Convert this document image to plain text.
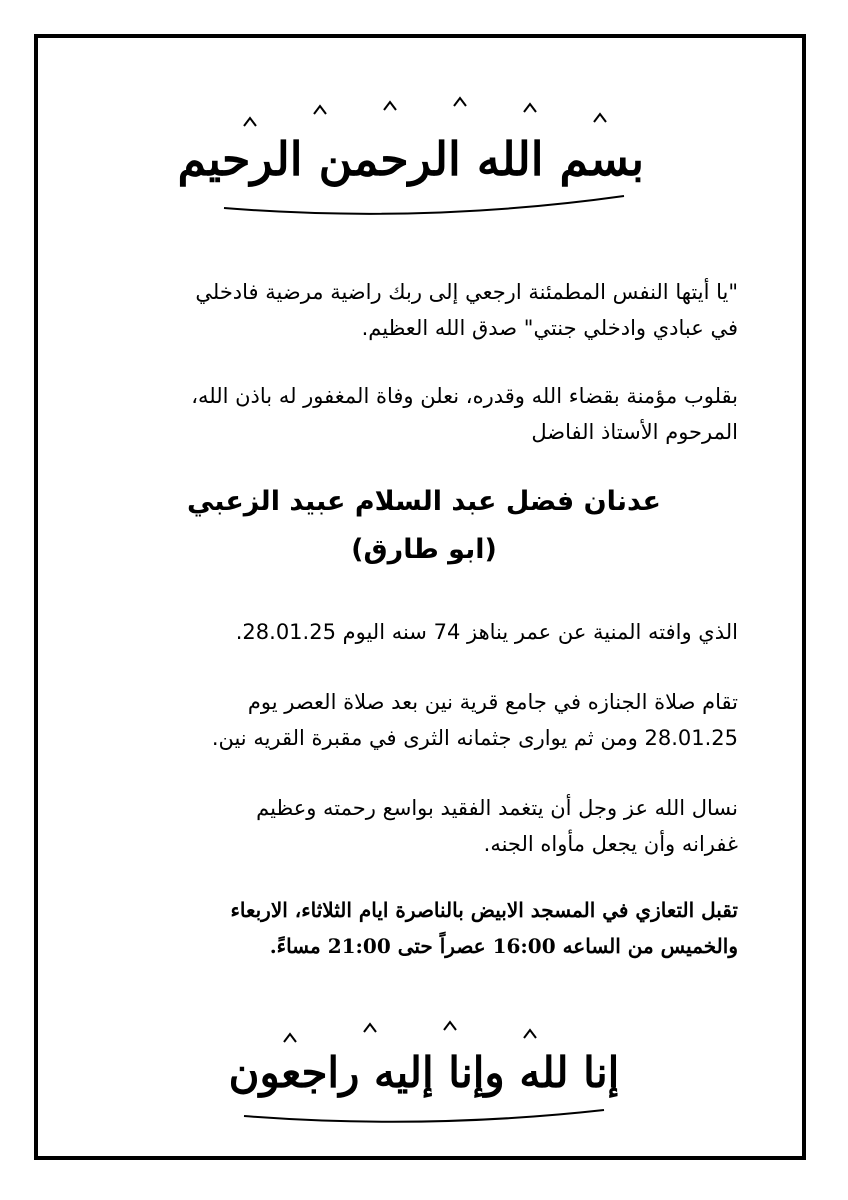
بسم الله الرحمن الرحيم
"يا أيتها النفس المطمئنة ارجعي إلى ربك راضية مرضية فادخلي
في عبادي وادخلي جنتي" صدق الله العظيم.
بقلوب مؤمنة بقضاء الله وقدره، نعلن وفاة المغفور له باذن الله،
المرحوم الأستاذ الفاضل
عدنان فضل عبد السلام عبيد الزعبي
(ابو طارق)
الذي وافته المنية عن عمر يناهز 74 سنه اليوم 28.01.25.
تقام صلاة الجنازه في جامع قرية نين بعد صلاة العصر يوم
28.01.25 ومن ثم يوارى جثمانه الثرى في مقبرة القريه نين.
نسال الله عز وجل أن يتغمد الفقيد بواسع رحمته وعظيم
غفرانه وأن يجعل مأواه الجنه.
تقبل التعازي في المسجد الابيض بالناصرة ايام الثلاثاء، الاربعاء
والخميس من الساعه 16:00 عصراً حتى 21:00 مساءً.
إنا لله وإنا إليه راجعون
